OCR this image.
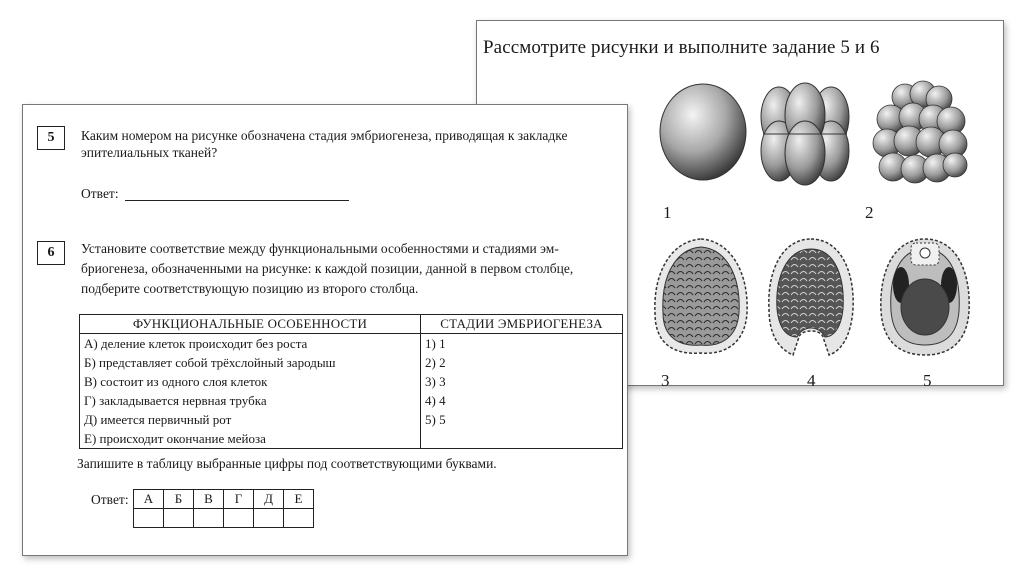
Рассмотрите рисунки и выполните задание 5 и 6
1	2
3	4	5
5	Каким номером на рисунке обозначена стадия эмбриогенеза, приводящая к закладке
эпителиальных тканей?
Ответ:
6	Установите соответствие между функциональными особенностями и стадиями эм-
бриогенеза, обозначенными на рисунке: к каждой позиции, данной в первом столбце,
подберите соответствующую позицию из второго столбца.
ФУНКЦИОНАЛЬНЫЕ ОСОБЕННОСТИ	СТАДИИ ЭМБРИОГЕНЕЗА
А) деление клеток происходит без роста	1) 1
Б) представляет собой трёхслойный зародыш	2) 2
В) состоит из одного слоя клеток	3) 3
Г) закладывается нервная трубка	4) 4
Д) имеется первичный рот	5) 5
Е) происходит окончание мейоза	
Запишите в таблицу выбранные цифры под соответствующими буквами.
Ответ: А	Б	В	Г	Д	Е
